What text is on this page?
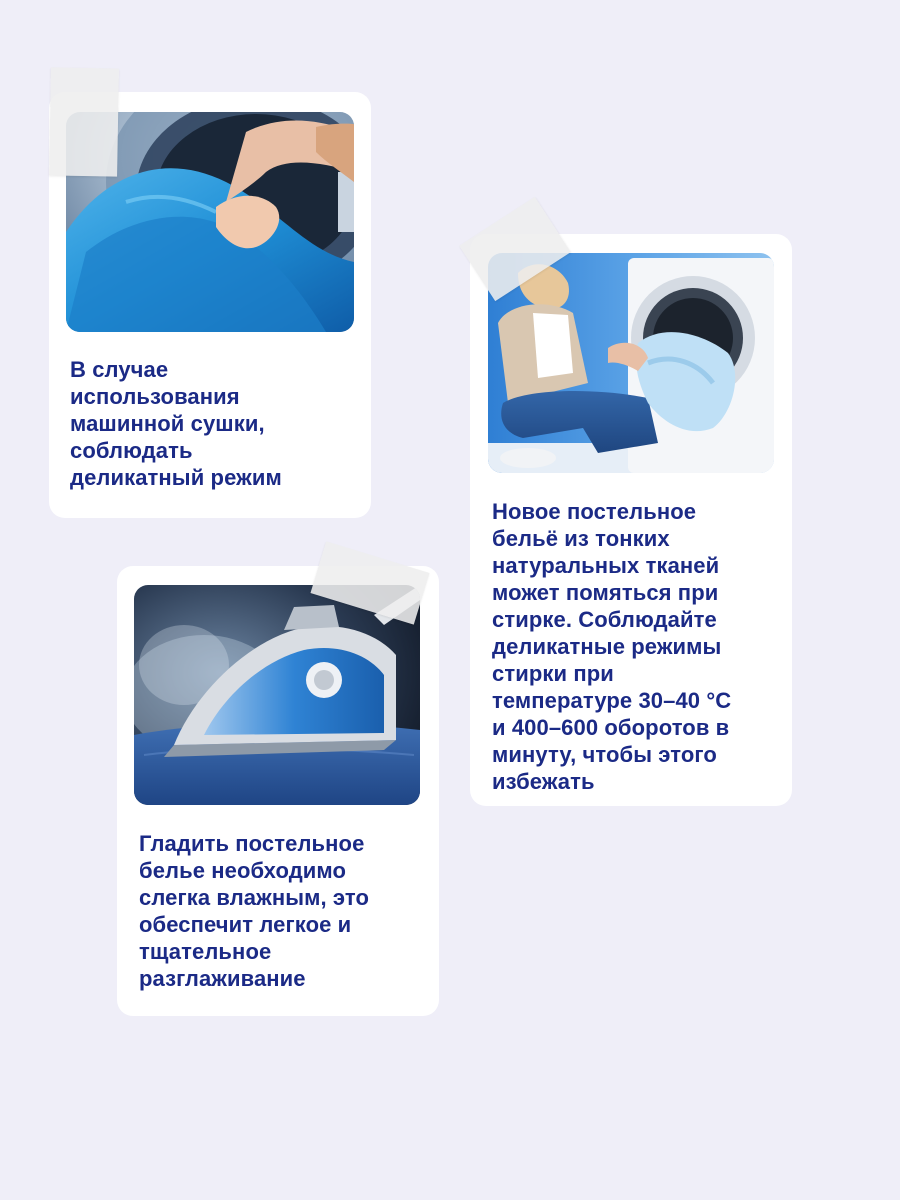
В случае
использования
машинной сушки,
соблюдать
деликатный режим
Новое постельное
бельё из тонких
натуральных тканей
может помяться при
стирке. Соблюдайте
деликатные режимы
стирки при
температуре 30–40 °C
и 400–600 оборотов в
минуту, чтобы этого
избежать
Гладить постельное
белье необходимо
слегка влажным, это
обеспечит легкое и
тщательное
разглаживание
